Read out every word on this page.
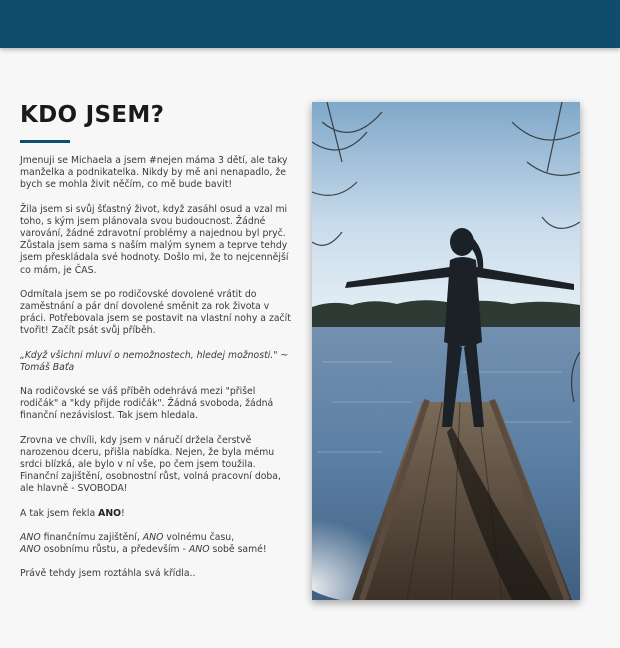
KDO JSEM?

Jmenuji se Michaela a jsem #nejen máma 3 dětí, ale taky manželka a podnikatelka. Nikdy by mě ani nenapadlo, že bych se mohla živit něčím, co mě bude bavit!

Žila jsem si svůj šťastný život, když zasáhl osud a vzal mi toho, s kým jsem plánovala svou budoucnost. Žádné varování, žádné zdravotní problémy a najednou byl pryč. Zůstala jsem sama s naším malým synem a teprve tehdy jsem přeskládala své hodnoty. Došlo mi, že to nejcennější co mám, je ČAS.

Odmítala jsem se po rodičovské dovolené vrátit do zaměstnání a pár dní dovolené směnit za rok života v práci. Potřebovala jsem se postavit na vlastní nohy a začít tvořit! Začít psát svůj příběh.

„Když všichni mluví o nemožnostech, hledej možnosti." ~ Tomáš Baťa

Na rodičovské se váš příběh odehrává mezi "přišel rodičák" a "kdy přijde rodičák". Žádná svoboda, žádná finanční nezávislost. Tak jsem hledala.

Zrovna ve chvíli, kdy jsem v náručí držela čerstvě narozenou dceru, přišla nabídka. Nejen, že byla mému srdci blízká, ale bylo v ní vše, po čem jsem toužila. Finanční zajištění, osobnostní růst, volná pracovní doba, ale hlavně - SVOBODA!

A tak jsem řekla ANO!

ANO finančnímu zajištění, ANO volnému času,
ANO osobnímu růstu, a především - ANO sobě samé!

Právě tehdy jsem roztáhla svá křídla..
